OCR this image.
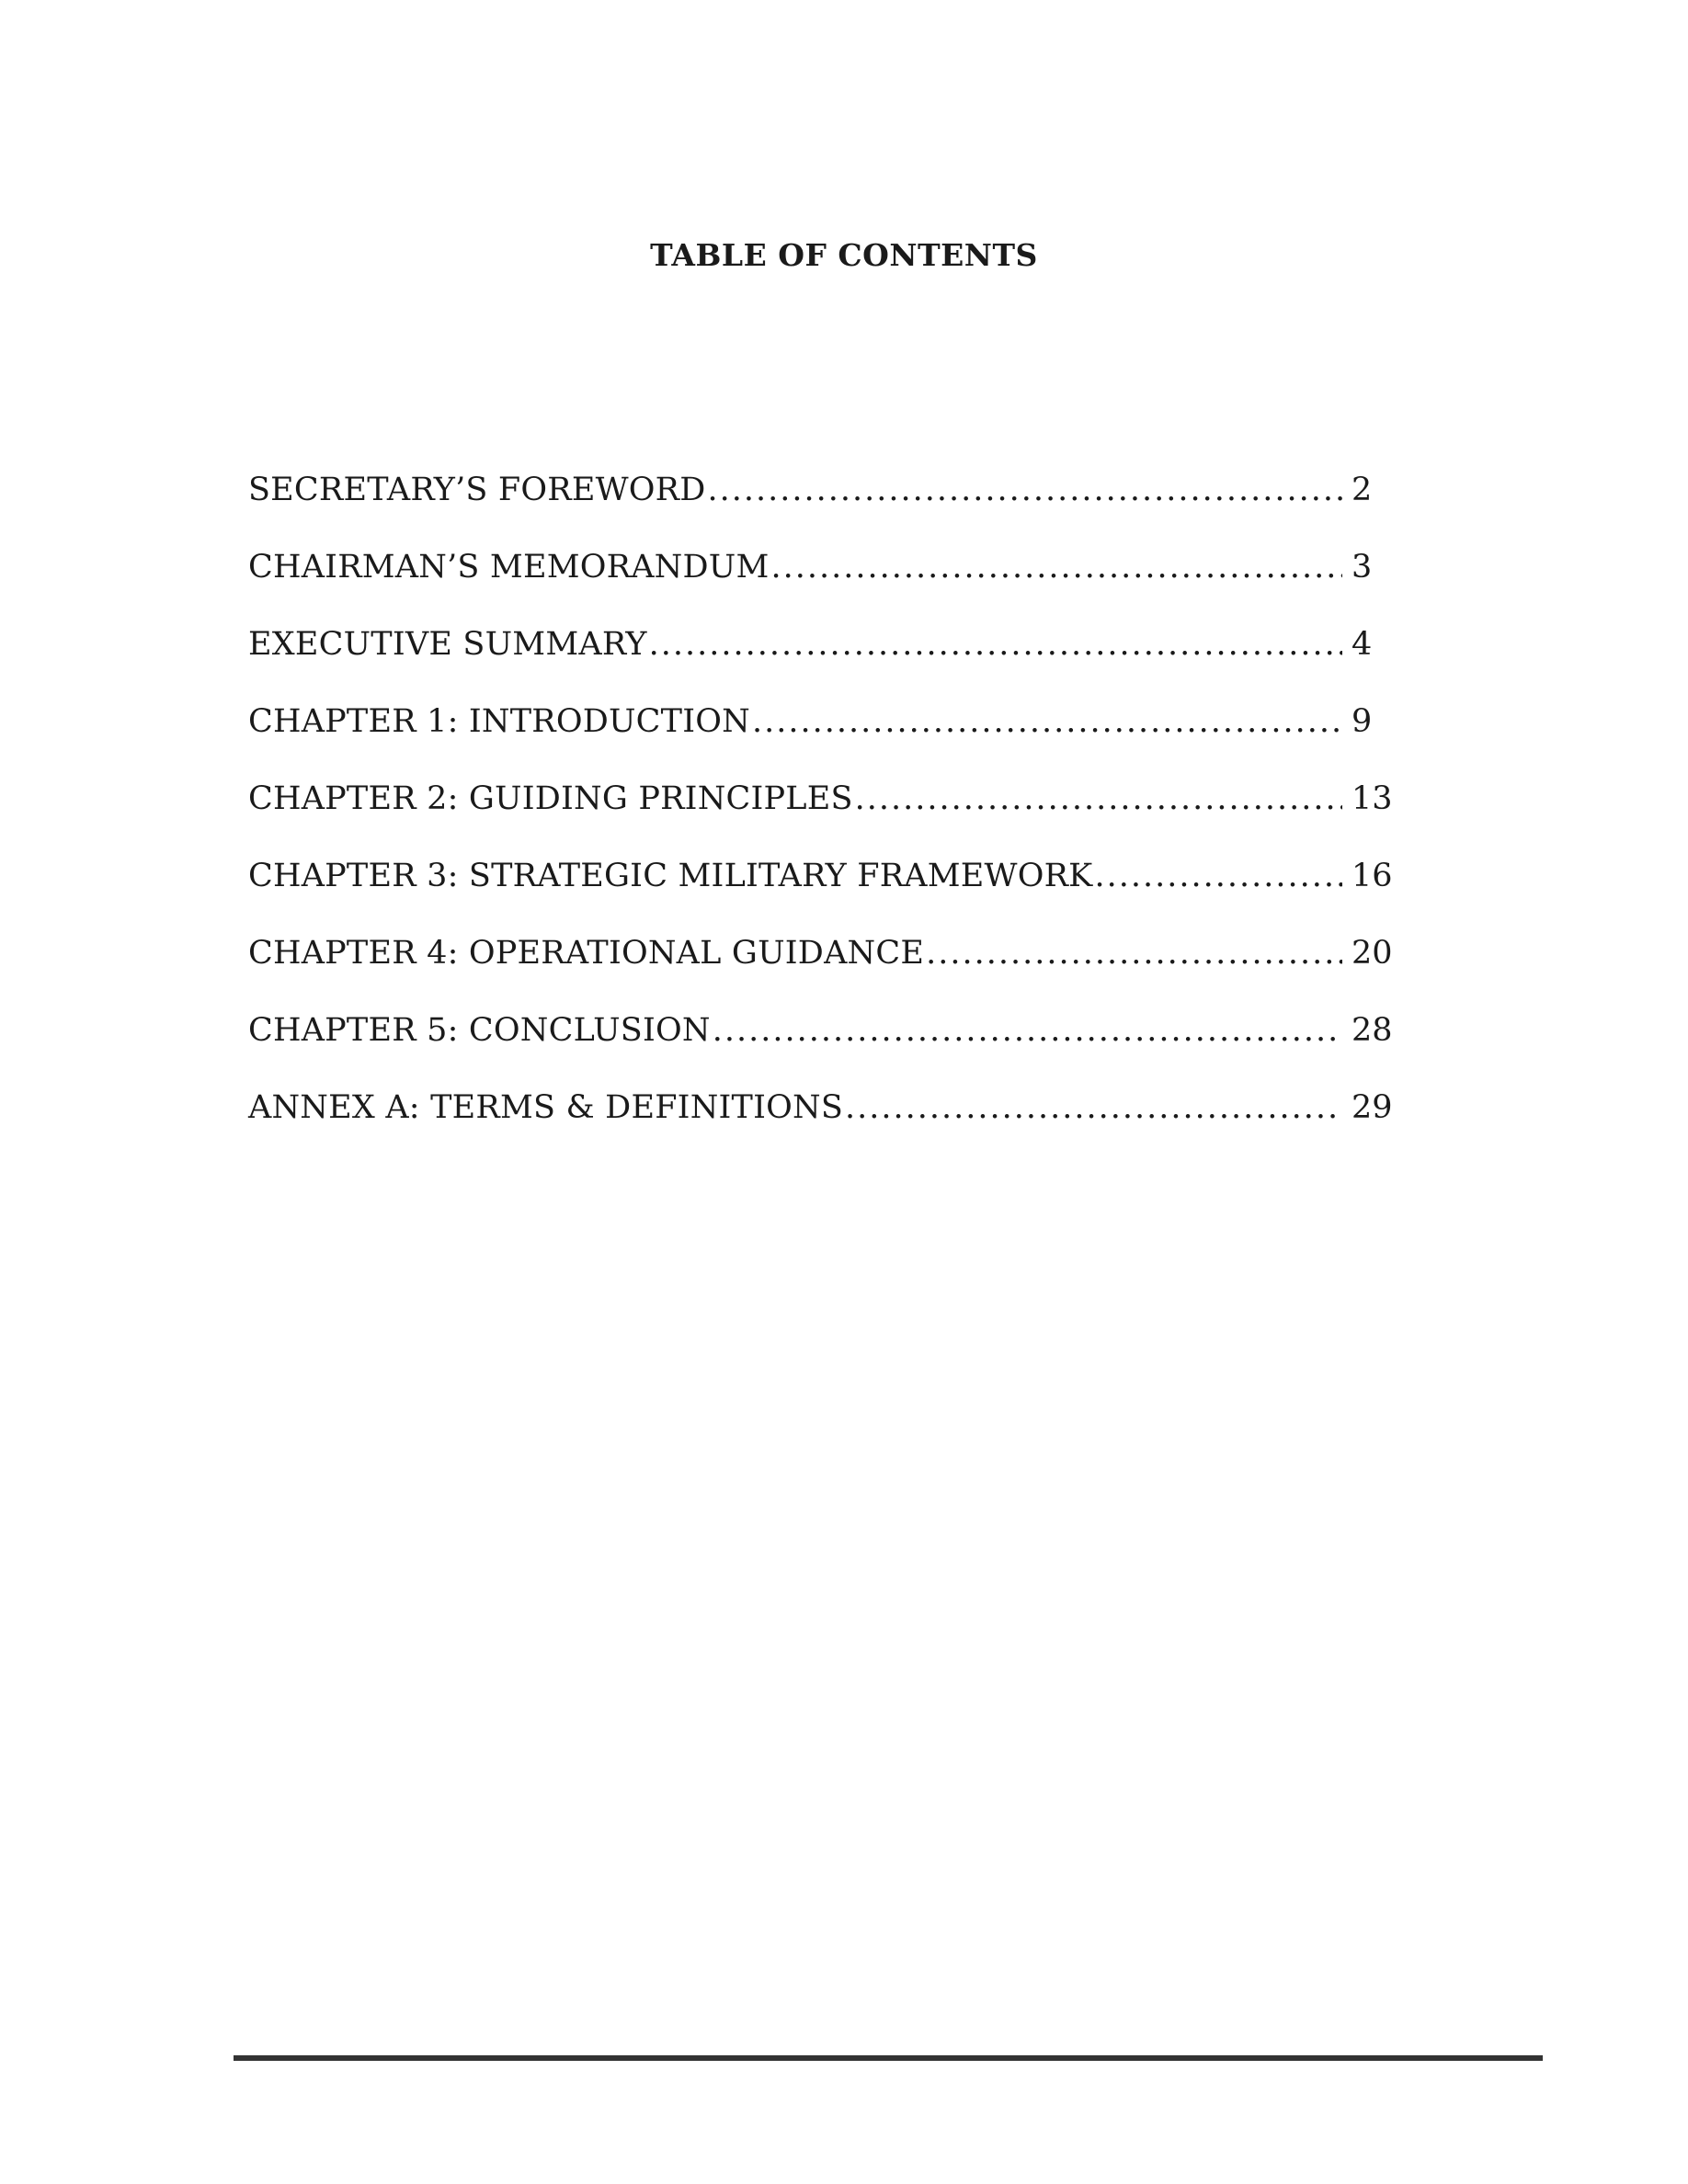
TABLE OF CONTENTS
SECRETARY’S FOREWORD .....	2
CHAIRMAN’S MEMORANDUM .....	3
EXECUTIVE SUMMARY .....	4
CHAPTER 1: INTRODUCTION .....	9
CHAPTER 2: GUIDING PRINCIPLES .....	13
CHAPTER 3: STRATEGIC MILITARY FRAMEWORK .....	16
CHAPTER 4: OPERATIONAL GUIDANCE .....	20
CHAPTER 5: CONCLUSION .....	28
ANNEX A: TERMS & DEFINITIONS .....	29
